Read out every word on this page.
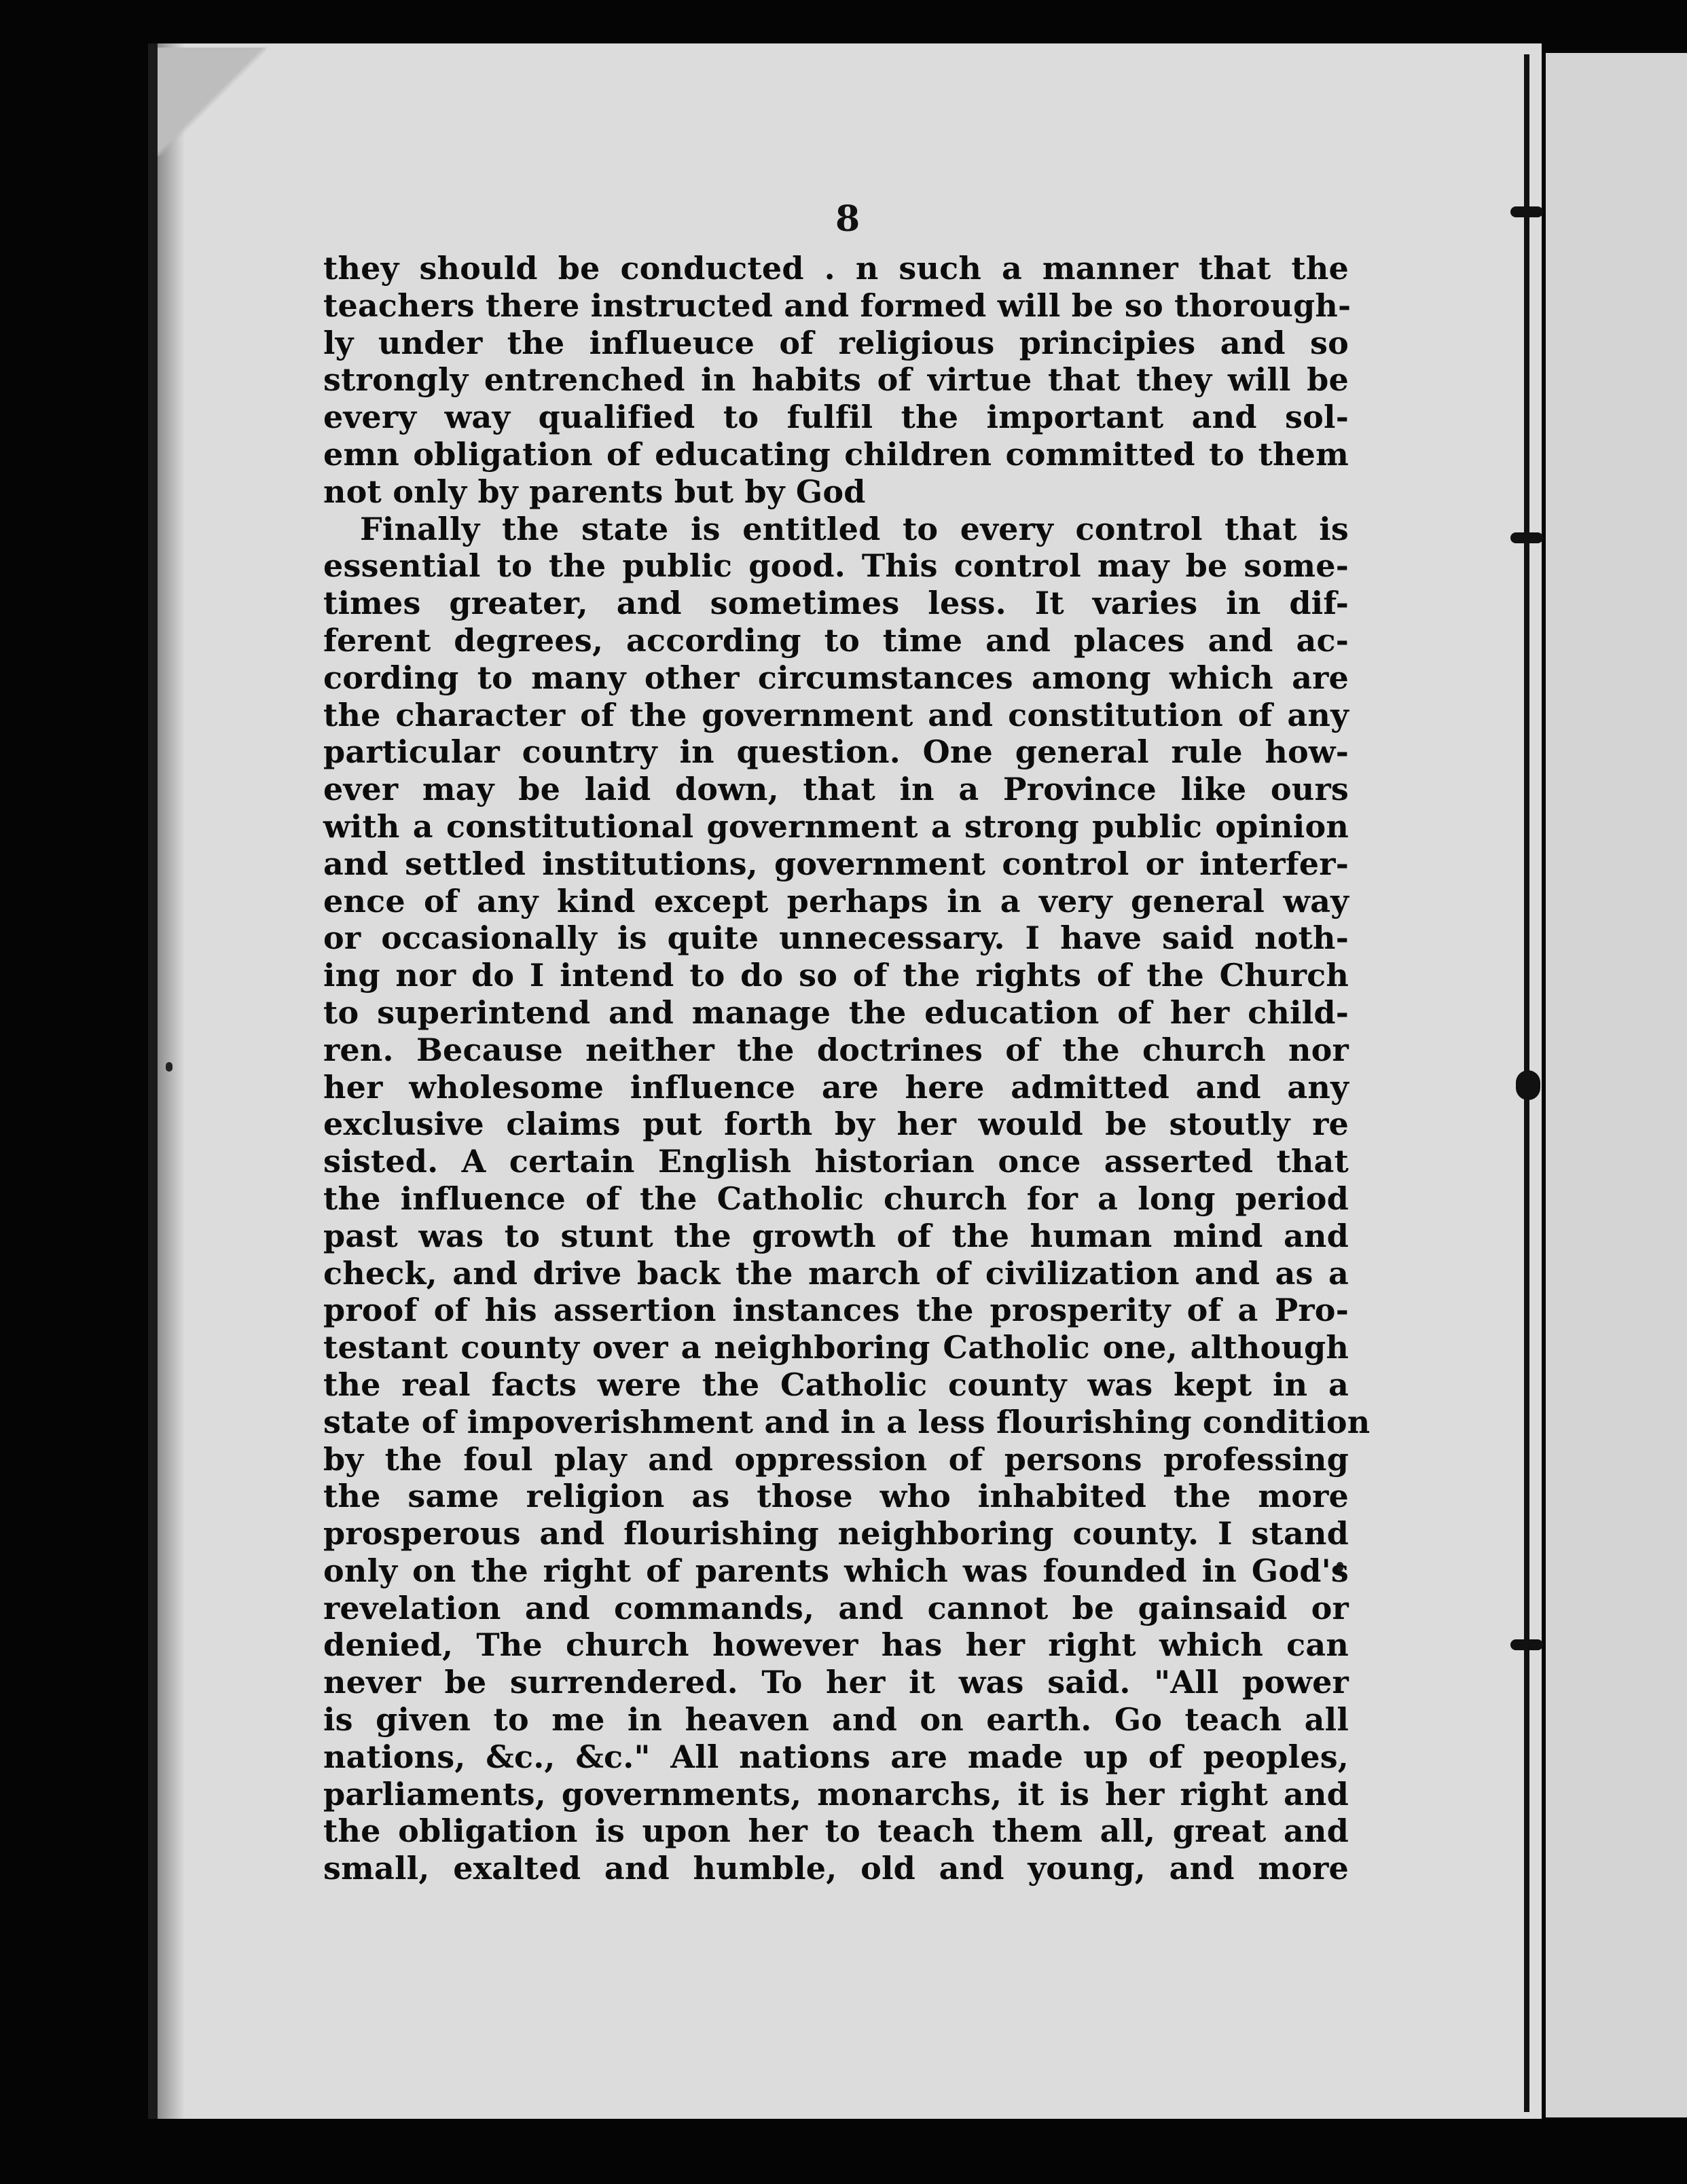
8
they should be conducted . n such a manner that the
teachers there instructed and formed will be so thorough-
ly under the influeuce of religious principies and so
strongly entrenched in habits of virtue that they will be
every way qualified to fulfil the important and sol-
emn obligation of educating children committed to them
not only by parents but by God
Finally the state is entitled to every control that is
essential to the public good. This control may be some-
times greater, and sometimes less. It varies in dif-
ferent degrees, according to time and places and ac-
cording to many other circumstances among which are
the character of the government and constitution of any
particular country in question. One general rule how-
ever may be laid down, that in a Province like ours
with a constitutional government a strong public opinion
and settled institutions, government control or interfer-
ence of any kind except perhaps in a very general way
or occasionally is quite unnecessary. I have said noth-
ing nor do I intend to do so of the rights of the Church
to superintend and manage the education of her child-
ren. Because neither the doctrines of the church nor
her wholesome influence are here admitted and any
exclusive claims put forth by her would be stoutly re
sisted. A certain English historian once asserted that
the influence of the Catholic church for a long period
past was to stunt the growth of the human mind and
check, and drive back the march of civilization and as a
proof of his assertion instances the prosperity of a Pro-
testant county over a neighboring Catholic one, although
the real facts were the Catholic county was kept in a
state of impoverishment and in a less flourishing condition
by the foul play and oppression of persons professing
the same religion as those who inhabited the more
prosperous and flourishing neighboring county. I stand
only on the right of parents which was founded in God's
revelation and commands, and cannot be gainsaid or
denied, The church however has her right which can
never be surrendered. To her it was said. "All power
is given to me in heaven and on earth. Go teach all
nations, &c., &c." All nations are made up of peoples,
parliaments, governments, monarchs, it is her right and
the obligation is upon her to teach them all, great and
small, exalted and humble, old and young, and more
